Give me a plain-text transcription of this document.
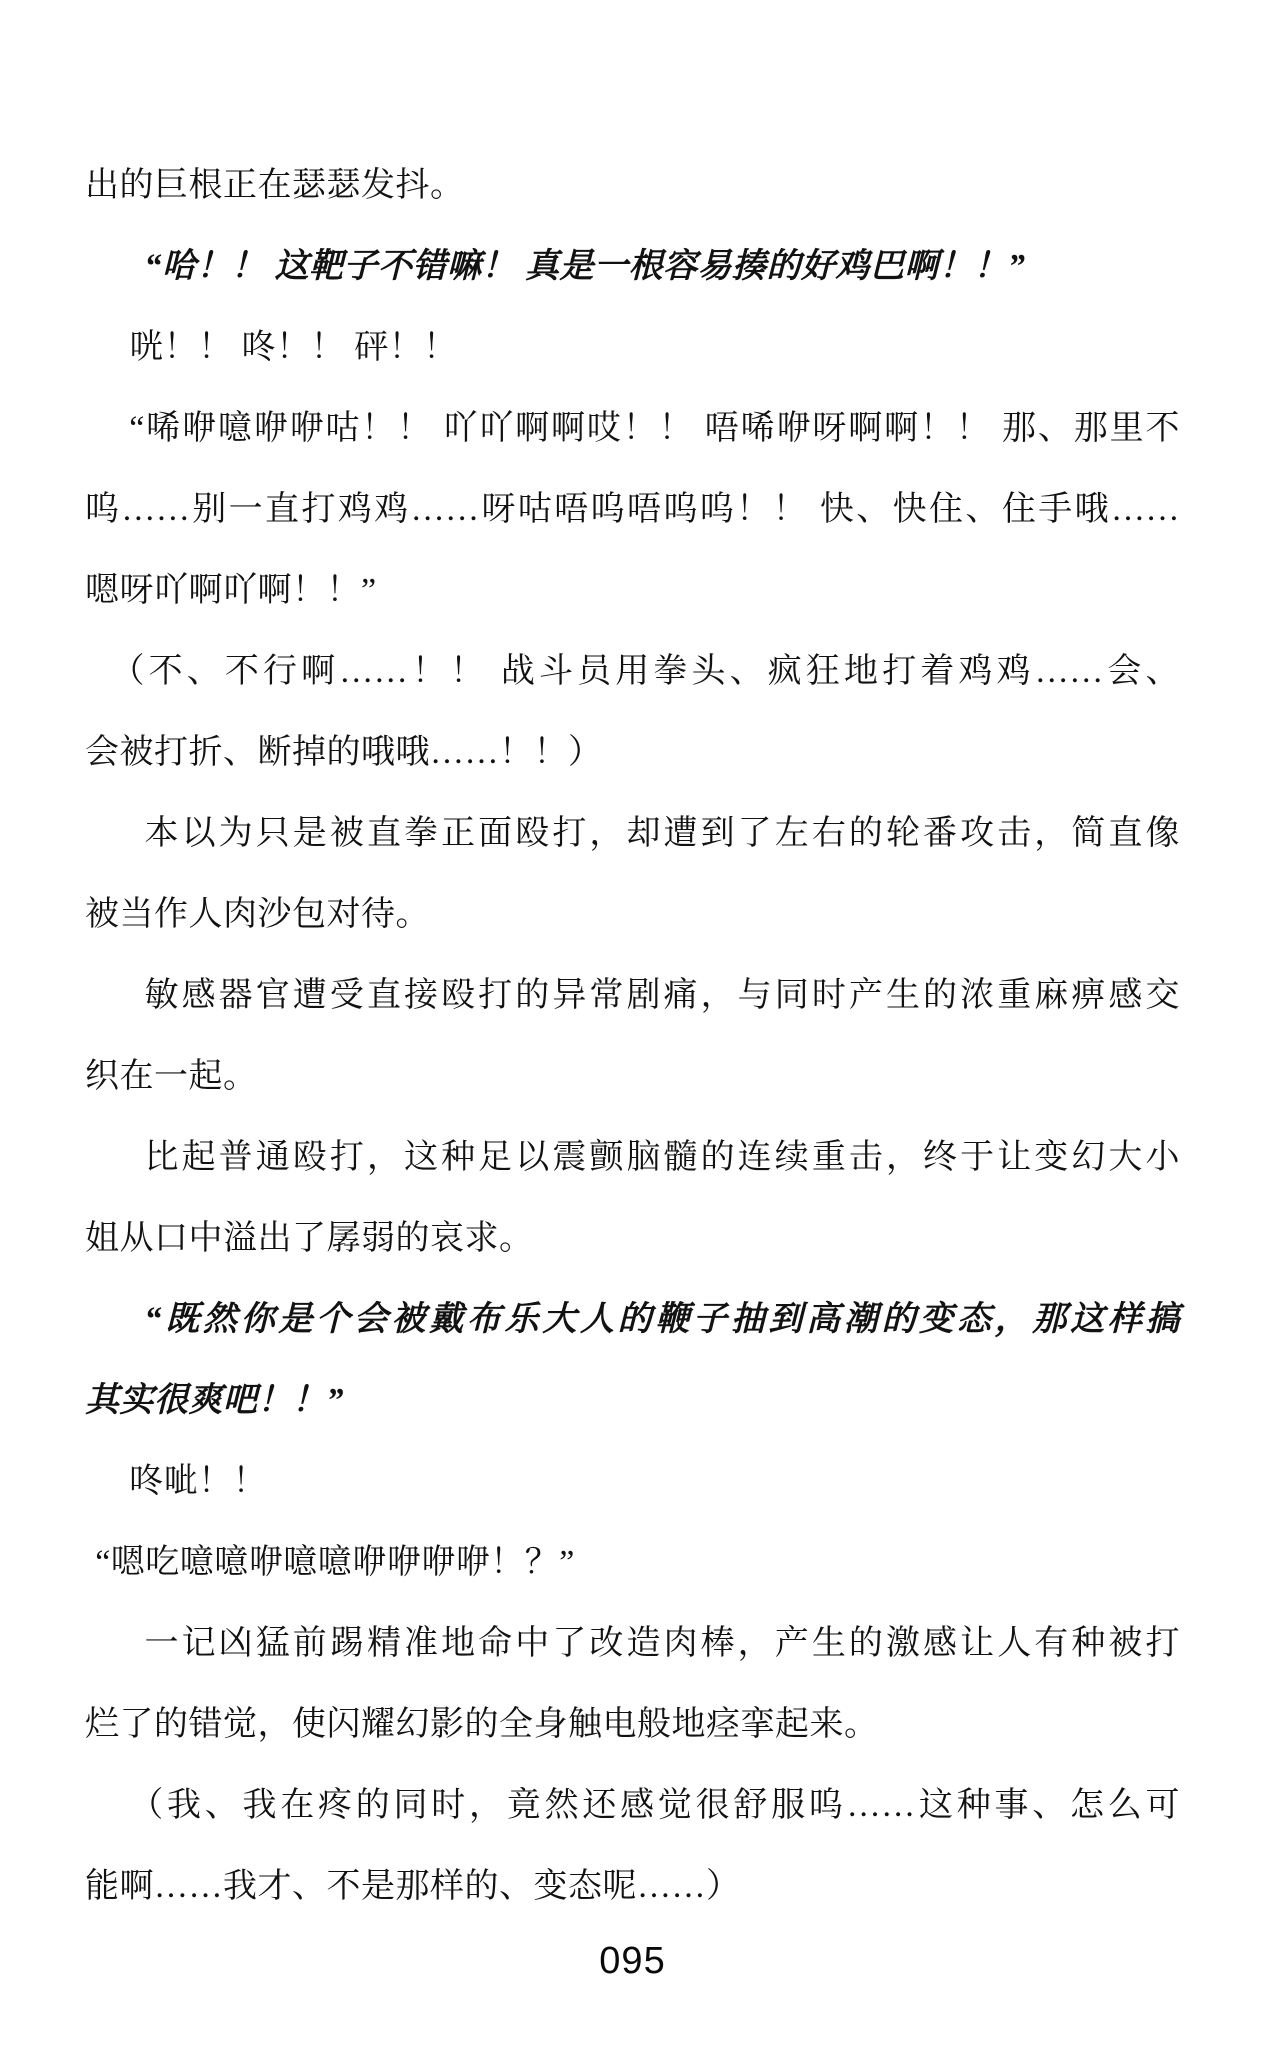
出的巨根正在瑟瑟发抖。

“哈！！ 这靶子不错嘛！ 真是一根容易揍的好鸡巴啊！！”

咣！！ 咚！！ 砰！！

“唏咿噫咿咿咕！！ 吖吖啊啊哎！！ 唔唏咿呀啊啊！！ 那、那里不

呜……别一直打鸡鸡……呀咕唔呜唔呜呜！！ 快、快住、住手哦……

嗯呀吖啊吖啊！！”

（不、不行啊……！！ 战斗员用拳头、疯狂地打着鸡鸡……会、

会被打折、断掉的哦哦……！！）

本以为只是被直拳正面殴打，却遭到了左右的轮番攻击，简直像

被当作人肉沙包对待。

敏感器官遭受直接殴打的异常剧痛，与同时产生的浓重麻痹感交

织在一起。

比起普通殴打，这种足以震颤脑髓的连续重击，终于让变幻大小

姐从口中溢出了孱弱的哀求。

“既然你是个会被戴布乐大人的鞭子抽到高潮的变态，那这样搞

其实很爽吧！！”

咚呲！！

“嗯吃噫噫咿噫噫咿咿咿咿！？”

一记凶猛前踢精准地命中了改造肉棒，产生的激感让人有种被打

烂了的错觉，使闪耀幻影的全身触电般地痉挛起来。

（我、我在疼的同时，竟然还感觉很舒服呜……这种事、怎么可

能啊……我才、不是那样的、变态呢……）

095
